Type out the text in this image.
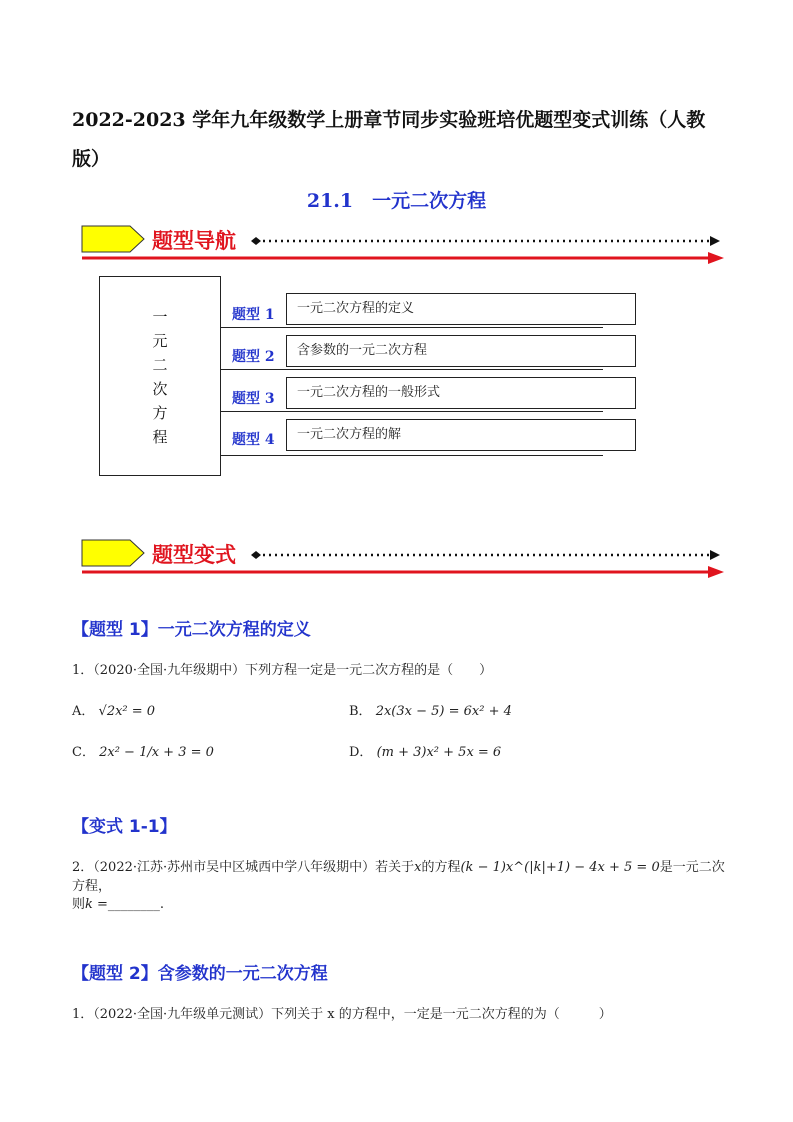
2022-2023 学年九年级数学上册章节同步实验班培优题型变式训练（人教版）
21.1　一元二次方程
题型导航
一
元
二
次
方
程
题型 1	一元二次方程的定义
题型 2	含参数的一元二次方程
题型 3	一元二次方程的一般形式
题型 4	一元二次方程的解
题型变式
【题型 1】一元二次方程的定义
1．（2020·全国·九年级期中）下列方程一定是一元二次方程的是（　　）
A． √2x² = 0	B． 2x(3x − 5) = 6x² + 4
C． 2x² − 1/x + 3 = 0	D． (m + 3)x² + 5x = 6
【变式 1-1】
2．（2022·江苏·苏州市吴中区城西中学八年级期中）若关于x的方程(k − 1)x^(|k|+1) − 4x + 5 = 0是一元二次方程，
则k =________.
【题型 2】含参数的一元二次方程
1．（2022·全国·九年级单元测试）下列关于 x 的方程中，一定是一元二次方程的为（　　　）
